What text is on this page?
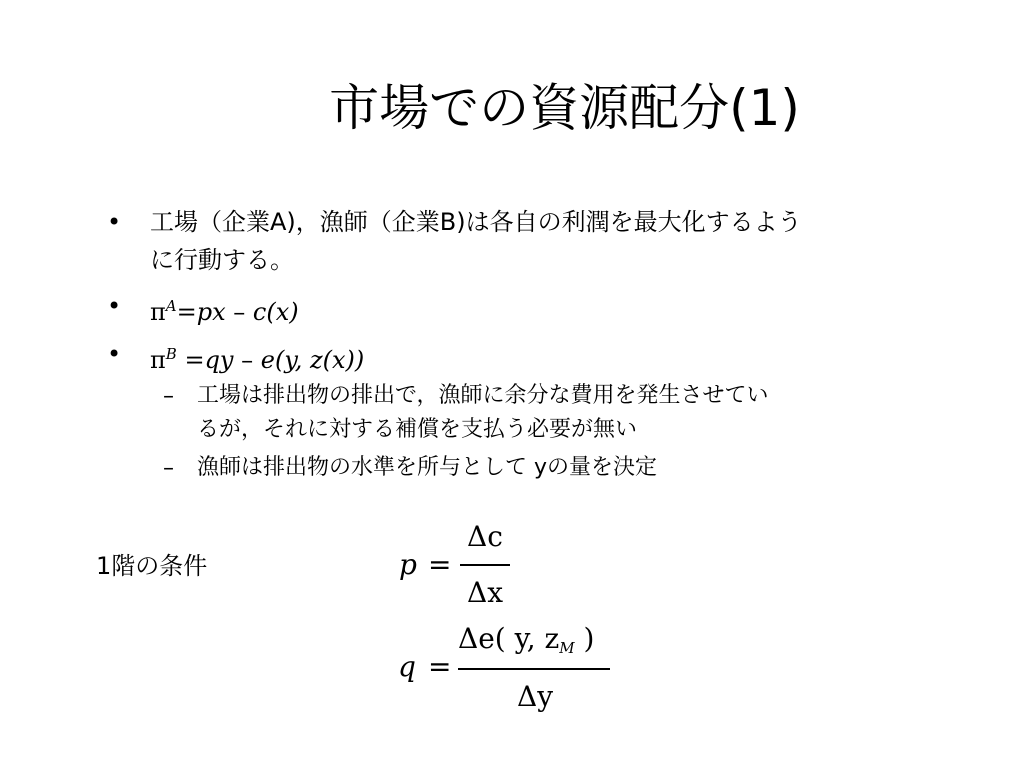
市場での資源配分(1)
• 工場（企業A)，漁師（企業B)は各自の利潤を最大化するよう
に行動する。
• $\pi^A=px - c(x)$
• $\pi^B =qy - e(y$, z(x))
– 工場は排出物の排出で，漁師に余分な費用を発生させてい
るが，それに対する補償を支払う必要が無い
– 漁師は排出物の水準を所与として yの量を決定
1階の条件	p =
Δc
Δx
q =
Δe( y, zM )
Δy
